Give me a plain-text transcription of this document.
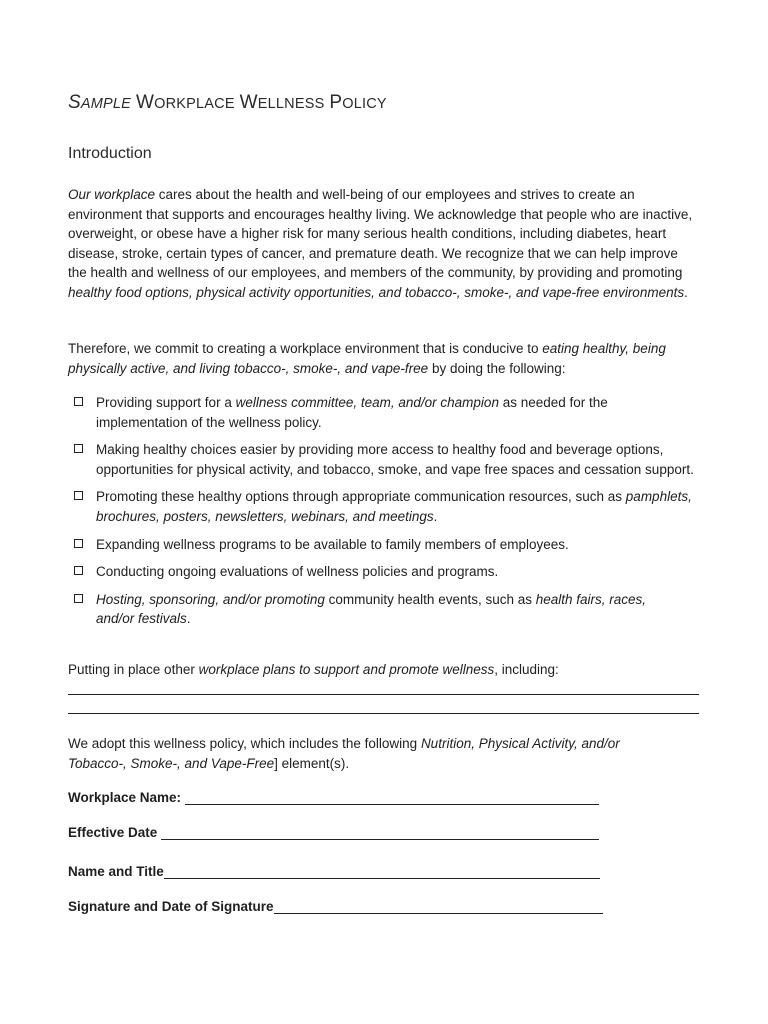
SAMPLE WORKPLACE WELLNESS POLICY
Introduction

Our workplace cares about the health and well-being of our employees and strives to create an environment that supports and encourages healthy living. We acknowledge that people who are inactive, overweight, or obese have a higher risk for many serious health conditions, including diabetes, heart disease, stroke, certain types of cancer, and premature death. We recognize that we can help improve the health and wellness of our employees, and members of the community, by providing and promoting healthy food options, physical activity opportunities, and tobacco-, smoke-, and vape-free environments.

Therefore, we commit to creating a workplace environment that is conducive to eating healthy, being physically active, and living tobacco-, smoke-, and vape-free by doing the following:

Providing support for a wellness committee, team, and/or champion as needed for the implementation of the wellness policy.
Making healthy choices easier by providing more access to healthy food and beverage options, opportunities for physical activity, and tobacco, smoke, and vape free spaces and cessation support.
Promoting these healthy options through appropriate communication resources, such as pamphlets, brochures, posters, newsletters, webinars, and meetings.
Expanding wellness programs to be available to family members of employees.
Conducting ongoing evaluations of wellness policies and programs.
Hosting, sponsoring, and/or promoting community health events, such as health fairs, races, and/or festivals.

Putting in place other workplace plans to support and promote wellness, including:

We adopt this wellness policy, which includes the following Nutrition, Physical Activity, and/or Tobacco-, Smoke-, and Vape-Free] element(s).

Workplace Name:
Effective Date
Name and Title
Signature and Date of Signature
